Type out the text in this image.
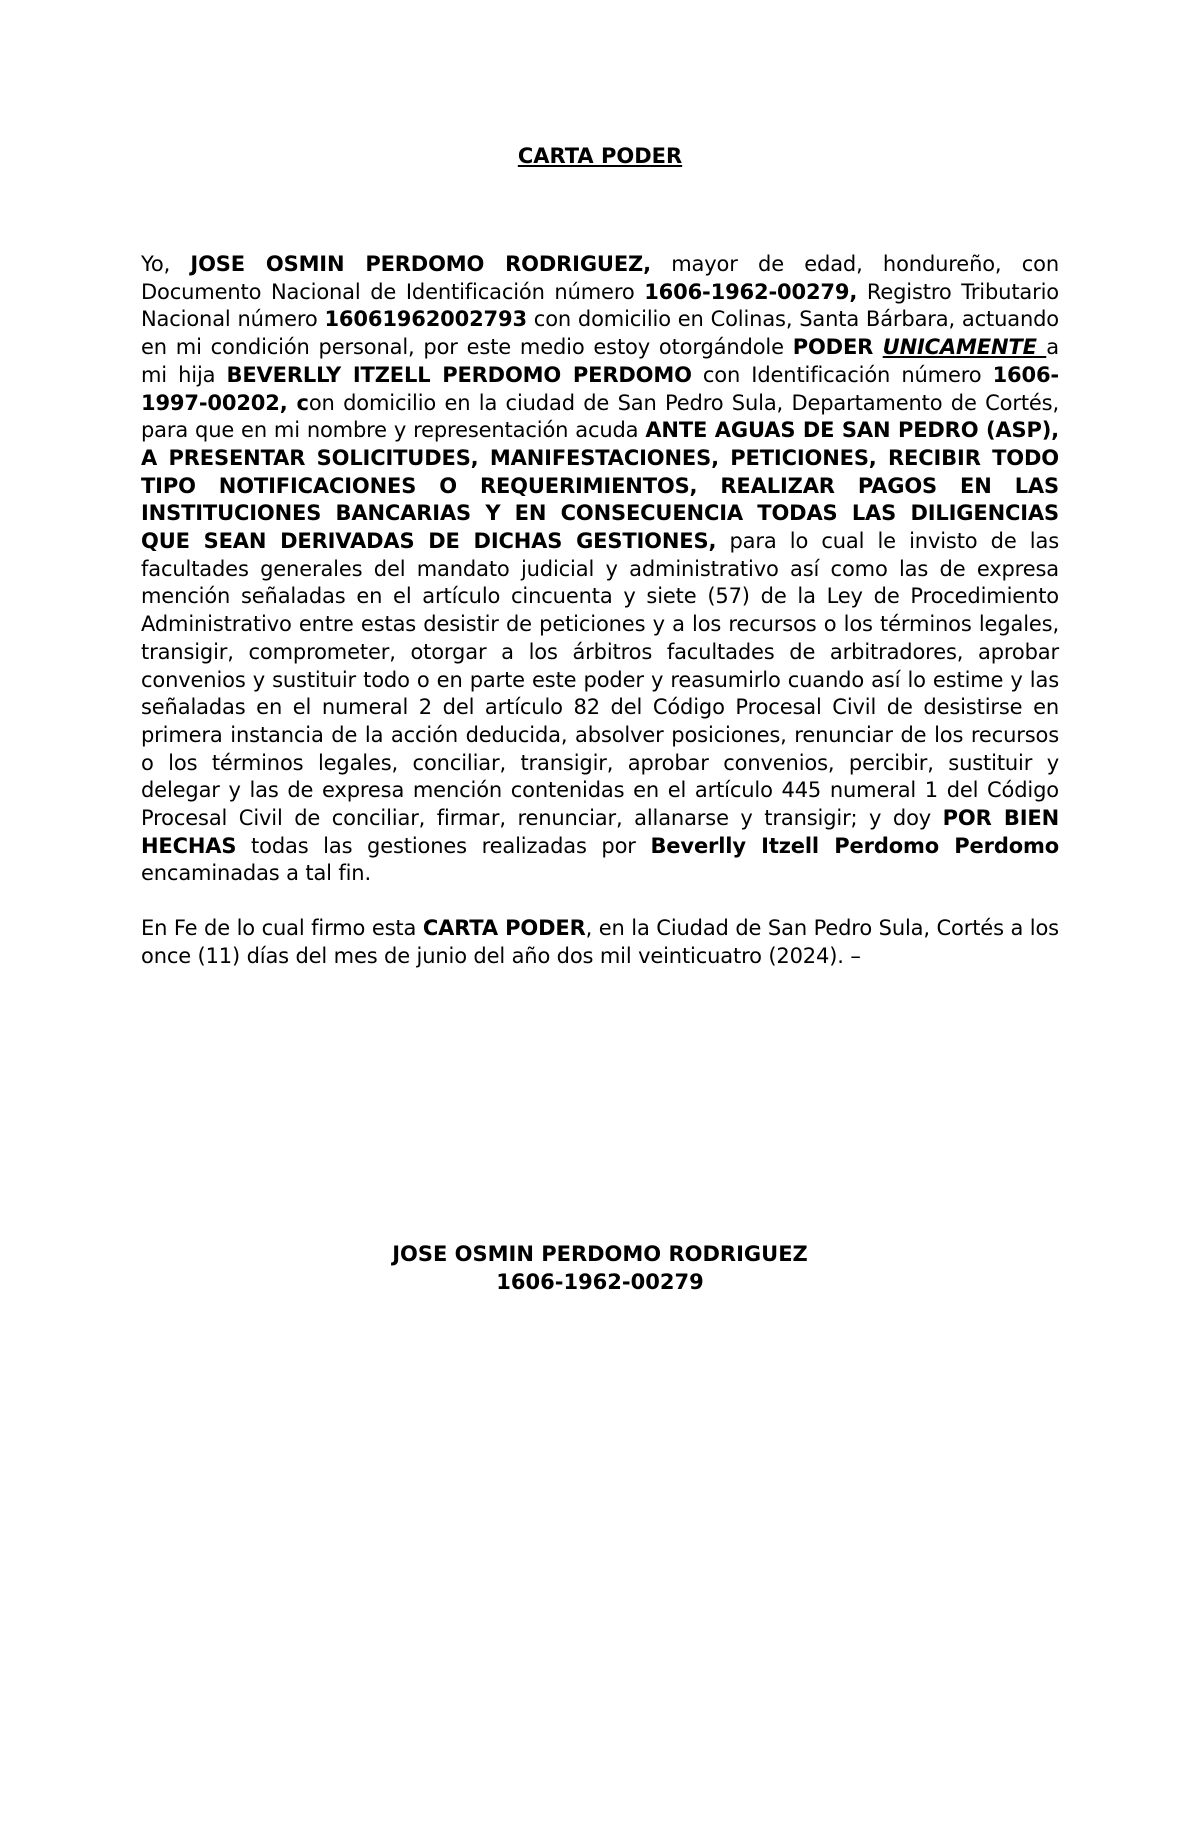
CARTA PODER

Yo, JOSE OSMIN PERDOMO RODRIGUEZ, mayor de edad, hondureño, con Documento Nacional de Identificación número 1606-1962-00279, Registro Tributario Nacional número 16061962002793 con domicilio en Colinas, Santa Bárbara, actuando en mi condición personal, por este medio estoy otorgándole PODER UNICAMENTE a mi hija BEVERLLY ITZELL PERDOMO PERDOMO con Identificación número 1606-1997-00202, con domicilio en la ciudad de San Pedro Sula, Departamento de Cortés, para que en mi nombre y representación acuda ANTE AGUAS DE SAN PEDRO (ASP), A PRESENTAR SOLICITUDES, MANIFESTACIONES, PETICIONES, RECIBIR TODO TIPO NOTIFICACIONES O REQUERIMIENTOS, REALIZAR PAGOS EN LAS INSTITUCIONES BANCARIAS Y EN CONSECUENCIA TODAS LAS DILIGENCIAS QUE SEAN DERIVADAS DE DICHAS GESTIONES, para lo cual le invisto de las facultades generales del mandato judicial y administrativo así como las de expresa mención señaladas en el artículo cincuenta y siete (57) de la Ley de Procedimiento Administrativo entre estas desistir de peticiones y a los recursos o los términos legales, transigir, comprometer, otorgar a los árbitros facultades de arbitradores, aprobar convenios y sustituir todo o en parte este poder y reasumirlo cuando así lo estime y las señaladas en el numeral 2 del artículo 82 del Código Procesal Civil de desistirse en primera instancia de la acción deducida, absolver posiciones, renunciar de los recursos o los términos legales, conciliar, transigir, aprobar convenios, percibir, sustituir y delegar y las de expresa mención contenidas en el artículo 445 numeral 1 del Código Procesal Civil de conciliar, firmar, renunciar, allanarse y transigir; y doy POR BIEN HECHAS todas las gestiones realizadas por Beverlly Itzell Perdomo Perdomo encaminadas a tal fin.

En Fe de lo cual firmo esta CARTA PODER, en la Ciudad de San Pedro Sula, Cortés a los once (11) días del mes de junio del año dos mil veinticuatro (2024). –

JOSE OSMIN PERDOMO RODRIGUEZ
1606-1962-00279
